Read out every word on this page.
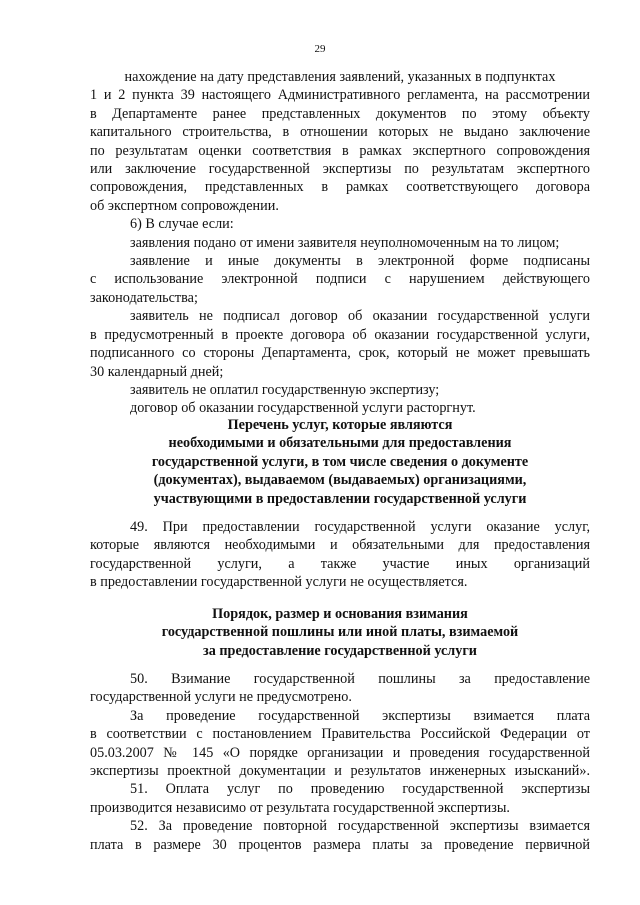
29

нахождение на дату представления заявлений, указанных в подпунктах

1 и 2 пункта 39 настоящего Административного регламента, на рассмотрении

в Департаменте ранее представленных документов по этому объекту

капитального строительства, в отношении которых не выдано заключение

по результатам оценки соответствия в рамках экспертного сопровождения

или заключение государственной экспертизы по результатам экспертного

сопровождения, представленных в рамках соответствующего договора

об экспертном сопровождении.

6) В случае если:

заявления подано от имени заявителя неуполномоченным на то лицом;

заявление и иные документы в электронной форме подписаны

с использование электронной подписи с нарушением действующего

законодательства;

заявитель не подписал договор об оказании государственной услуги

в предусмотренный в проекте договора об оказании государственной услуги,

подписанного со стороны Департамента, срок, который не может превышать

30 календарный дней;

заявитель не оплатил государственную экспертизу;

договор об оказании государственной услуги расторгнут.

Перечень услуг, которые являются
необходимыми и обязательными для предоставления
государственной услуги, в том числе сведения о документе
(документах), выдаваемом (выдаваемых) организациями,
участвующими в предоставлении государственной услуги

49. При предоставлении государственной услуги оказание услуг,

которые являются необходимыми и обязательными для предоставления

государственной услуги, а также участие иных организаций

в предоставлении государственной услуги не осуществляется.

Порядок, размер и основания взимания
государственной пошлины или иной платы, взимаемой
за предоставление государственной услуги

50. Взимание государственной пошлины за предоставление

государственной услуги не предусмотрено.

За проведение государственной экспертизы взимается плата

в соответствии с постановлением Правительства Российской Федерации от

05.03.2007 № 145 «О порядке организации и проведения государственной

экспертизы проектной документации и результатов инженерных изысканий».

51. Оплата услуг по проведению государственной экспертизы

производится независимо от результата государственной экспертизы.

52. За проведение повторной государственной экспертизы взимается

плата в размере 30 процентов размера платы за проведение первичной
